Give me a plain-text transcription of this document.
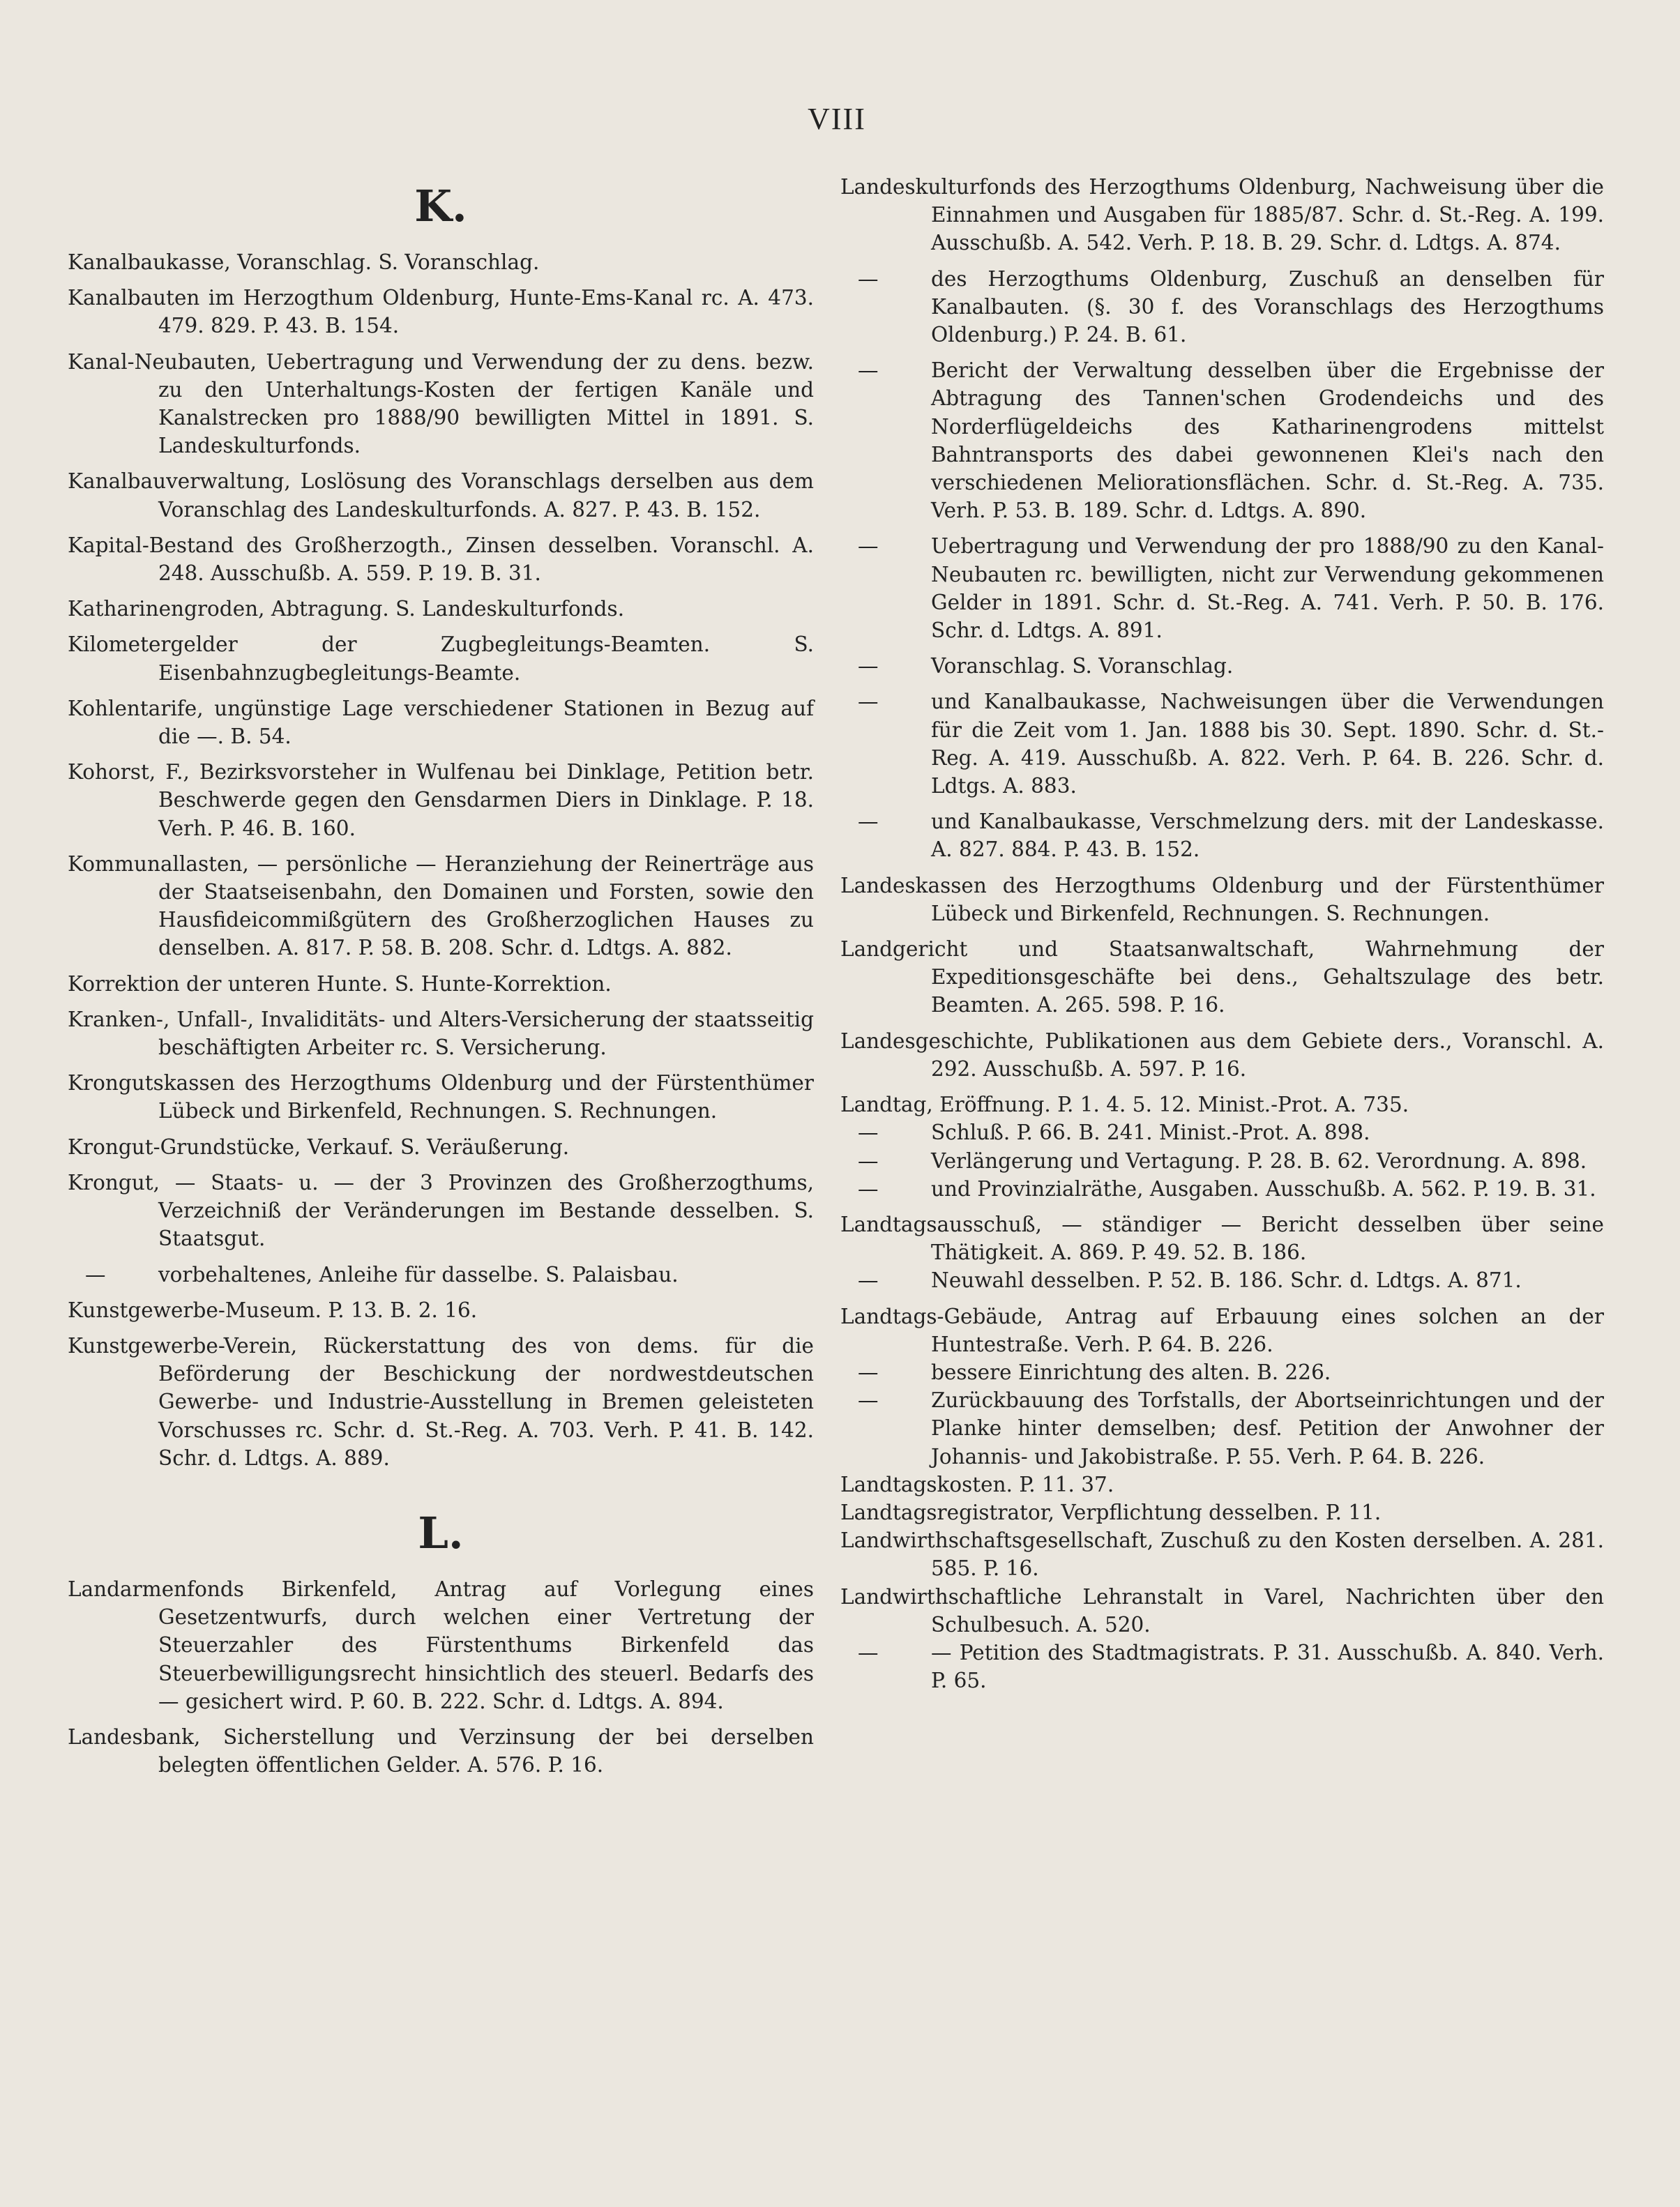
VIII
K.

Kanalbaukasse, Voranschlag. S. Voranschlag.

Kanalbauten im Herzogthum Oldenburg, Hunte-Ems-Kanal rc. A. 473. 479. 829. P. 43. B. 154.

Kanal-Neubauten, Uebertragung und Verwendung der zu dens. bezw. zu den Unterhaltungs-Kosten der fertigen Kanäle und Kanalstrecken pro 1888/90 bewilligten Mittel in 1891. S. Landeskulturfonds.

Kanalbauverwaltung, Loslösung des Voranschlags derselben aus dem Voranschlag des Landeskulturfonds. A. 827. P. 43. B. 152.

Kapital-Bestand des Großherzogth., Zinsen desselben. Voranschl. A. 248. Ausschußb. A. 559. P. 19. B. 31.

Katharinengroden, Abtragung. S. Landeskulturfonds.

Kilometergelder der Zugbegleitungs-Beamten. S. Eisenbahnzugbegleitungs-Beamte.

Kohlentarife, ungünstige Lage verschiedener Stationen in Bezug auf die —. B. 54.

Kohorst, F., Bezirksvorsteher in Wulfenau bei Dinklage, Petition betr. Beschwerde gegen den Gensdarmen Diers in Dinklage. P. 18. Verh. P. 46. B. 160.

Kommunallasten, — persönliche — Heranziehung der Reinerträge aus der Staatseisenbahn, den Domainen und Forsten, sowie den Hausfideicommißgütern des Großherzoglichen Hauses zu denselben. A. 817. P. 58. B. 208. Schr. d. Ldtgs. A. 882.

Korrektion der unteren Hunte. S. Hunte-Korrektion.

Kranken-, Unfall-, Invaliditäts- und Alters-Versicherung der staatsseitig beschäftigten Arbeiter rc. S. Versicherung.

Krongutskassen des Herzogthums Oldenburg und der Fürstenthümer Lübeck und Birkenfeld, Rechnungen. S. Rechnungen.

Krongut-Grundstücke, Verkauf. S. Veräußerung.

Krongut, — Staats- u. — der 3 Provinzen des Großherzogthums, Verzeichniß der Veränderungen im Bestande desselben. S. Staatsgut.

— vorbehaltenes, Anleihe für dasselbe. S. Palaisbau.

Kunstgewerbe-Museum. P. 13. B. 2. 16.

Kunstgewerbe-Verein, Rückerstattung des von dems. für die Beförderung der Beschickung der nordwestdeutschen Gewerbe- und Industrie-Ausstellung in Bremen geleisteten Vorschusses rc. Schr. d. St.-Reg. A. 703. Verh. P. 41. B. 142. Schr. d. Ldtgs. A. 889.

L.

Landarmenfonds Birkenfeld, Antrag auf Vorlegung eines Gesetzentwurfs, durch welchen einer Vertretung der Steuerzahler des Fürstenthums Birkenfeld das Steuerbewilligungsrecht hinsichtlich des steuerl. Bedarfs des — gesichert wird. P. 60. B. 222. Schr. d. Ldtgs. A. 894.

Landesbank, Sicherstellung und Verzinsung der bei derselben belegten öffentlichen Gelder. A. 576. P. 16.

Landeskulturfonds des Herzogthums Oldenburg, Nachweisung über die Einnahmen und Ausgaben für 1885/87. Schr. d. St.-Reg. A. 199. Ausschußb. A. 542. Verh. P. 18. B. 29. Schr. d. Ldtgs. A. 874.

— des Herzogthums Oldenburg, Zuschuß an denselben für Kanalbauten. (§. 30 f. des Voranschlags des Herzogthums Oldenburg.) P. 24. B. 61.

— Bericht der Verwaltung desselben über die Ergebnisse der Abtragung des Tannen'schen Grodendeichs und des Norderflügeldeichs des Katharinengrodens mittelst Bahntransports des dabei gewonnenen Klei's nach den verschiedenen Meliorationsflächen. Schr. d. St.-Reg. A. 735. Verh. P. 53. B. 189. Schr. d. Ldtgs. A. 890.

— Uebertragung und Verwendung der pro 1888/90 zu den Kanal-Neubauten rc. bewilligten, nicht zur Verwendung gekommenen Gelder in 1891. Schr. d. St.-Reg. A. 741. Verh. P. 50. B. 176. Schr. d. Ldtgs. A. 891.

— Voranschlag. S. Voranschlag.

— und Kanalbaukasse, Nachweisungen über die Verwendungen für die Zeit vom 1. Jan. 1888 bis 30. Sept. 1890. Schr. d. St.-Reg. A. 419. Ausschußb. A. 822. Verh. P. 64. B. 226. Schr. d. Ldtgs. A. 883.

— und Kanalbaukasse, Verschmelzung ders. mit der Landeskasse. A. 827. 884. P. 43. B. 152.

Landeskassen des Herzogthums Oldenburg und der Fürstenthümer Lübeck und Birkenfeld, Rechnungen. S. Rechnungen.

Landgericht und Staatsanwaltschaft, Wahrnehmung der Expeditionsgeschäfte bei dens., Gehaltszulage des betr. Beamten. A. 265. 598. P. 16.

Landesgeschichte, Publikationen aus dem Gebiete ders., Voranschl. A. 292. Ausschußb. A. 597. P. 16.

Landtag, Eröffnung. P. 1. 4. 5. 12. Minist.-Prot. A. 735.

— Schluß. P. 66. B. 241. Minist.-Prot. A. 898.

— Verlängerung und Vertagung. P. 28. B. 62. Verordnung. A. 898.

— und Provinzialräthe, Ausgaben. Ausschußb. A. 562. P. 19. B. 31.

Landtagsausschuß, — ständiger — Bericht desselben über seine Thätigkeit. A. 869. P. 49. 52. B. 186.

— Neuwahl desselben. P. 52. B. 186. Schr. d. Ldtgs. A. 871.

Landtags-Gebäude, Antrag auf Erbauung eines solchen an der Huntestraße. Verh. P. 64. B. 226.

— bessere Einrichtung des alten. B. 226.

— Zurückbauung des Torfstalls, der Abortseinrichtungen und der Planke hinter demselben; desf. Petition der Anwohner der Johannis- und Jakobistraße. P. 55. Verh. P. 64. B. 226.

Landtagskosten. P. 11. 37.

Landtagsregistrator, Verpflichtung desselben. P. 11.

Landwirthschaftsgesellschaft, Zuschuß zu den Kosten derselben. A. 281. 585. P. 16.

Landwirthschaftliche Lehranstalt in Varel, Nachrichten über den Schulbesuch. A. 520.

— — Petition des Stadtmagistrats. P. 31. Ausschußb. A. 840. Verh. P. 65.
